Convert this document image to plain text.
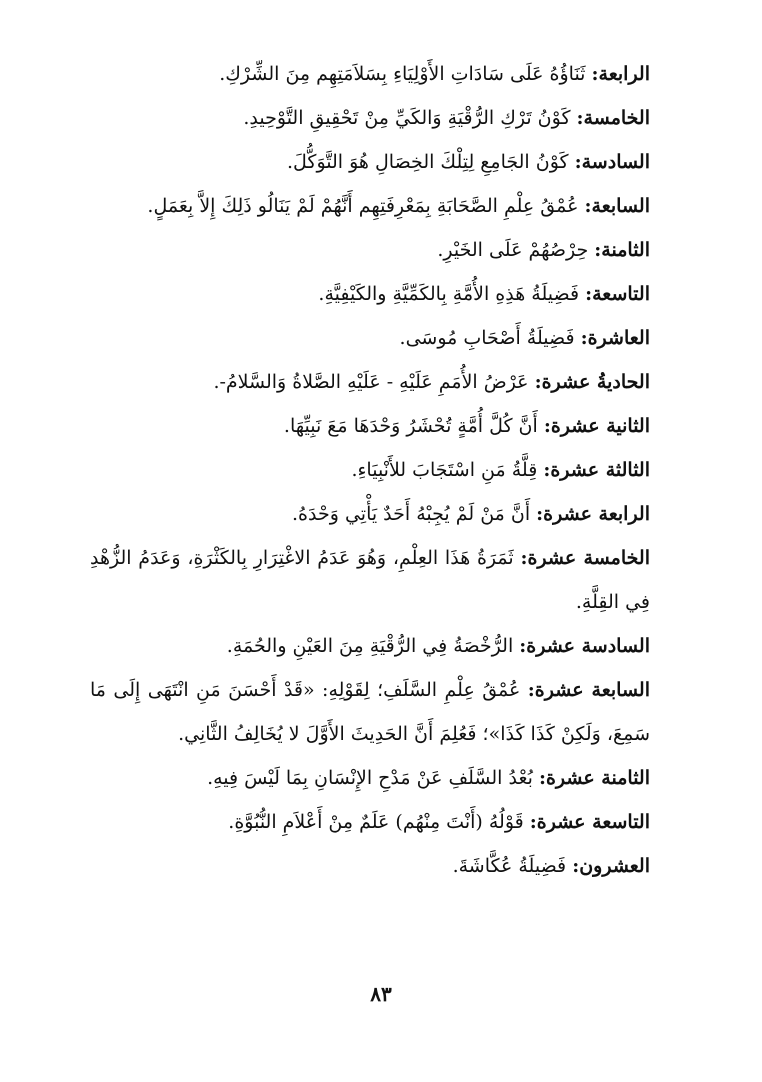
الرابعة: ثَنَاؤُهُ عَلَى سَادَاتِ الأَوْلِيَاءِ بِسَلاَمَتِهِم مِنَ الشِّرْكِ.

الخامسة: كَوْنُ تَرْكِ الرُّقْيَةِ وَالكَيِّ مِنْ تَحْقِيقِ التَّوْحِيدِ.

السادسة: كَوْنُ الجَامِعِ لِتِلْكَ الخِصَالِ هُوَ التَّوَكُّلَ.

السابعة: عُمْقُ عِلْمِ الصَّحَابَةِ بِمَعْرِفَتِهِم أَنَّهُمْ لَمْ يَنَالُو ذَلِكَ إِلاَّ بِعَمَلٍ.

الثامنة: حِرْصُهُمْ عَلَى الخَيْرِ.

التاسعة: فَضِيلَةُ هَذِهِ الأُمَّةِ بِالكَمِّيَّةِ والكَيْفِيَّةِ.

العاشرة: فَضِيلَةُ أَصْحَابِ مُوسَى.

الحاديةُ عشرة: عَرْضُ الأُمَمِ عَلَيْهِ - عَلَيْهِ الصَّلاةُ وَالسَّلامُ-.

الثانية عشرة: أَنَّ كُلَّ أُمَّةٍ تُحْشَرُ وَحْدَهَا مَعَ نَبِيِّهَا.

الثالثة عشرة: قِلَّةُ مَنِ اسْتَجَابَ للأَنْبِيَاءِ.

الرابعة عشرة: أَنَّ مَنْ لَمْ يُجِبْهُ أَحَدٌ يَأْتِي وَحْدَهُ.

الخامسة عشرة: ثَمَرَةُ هَذَا العِلْمِ، وَهُوَ عَدَمُ الاغْتِرَارِ بِالكَثْرَةِ، وَعَدَمُ الزُّهْدِ فِي القِلَّةِ.

السادسة عشرة: الرُّخْصَةُ فِي الرُّقْيَةِ مِنَ العَيْنِ والحُمَةِ.

السابعة عشرة: عُمْقُ عِلْمِ السَّلَفِ؛ لِقَوْلِهِ: «قَدْ أَحْسَنَ مَنِ انْتَهَى إِلَى مَا سَمِعَ، وَلَكِنْ كَذَا كَذَا»؛ فَعُلِمَ أَنَّ الحَدِيثَ الأَوَّلَ لا يُخَالِفُ الثَّانِي.

الثامنة عشرة: بُعْدُ السَّلَفِ عَنْ مَدْحِ الإِنْسَانِ بِمَا لَيْسَ فِيهِ.

التاسعة عشرة: قَوْلُهُ (أَنْتَ مِنْهُم) عَلَمٌ مِنْ أَعْلاَمِ النُّبُوَّةِ.

العشرون: فَضِيلَةُ عُكَّاشَةَ.

٨٣
